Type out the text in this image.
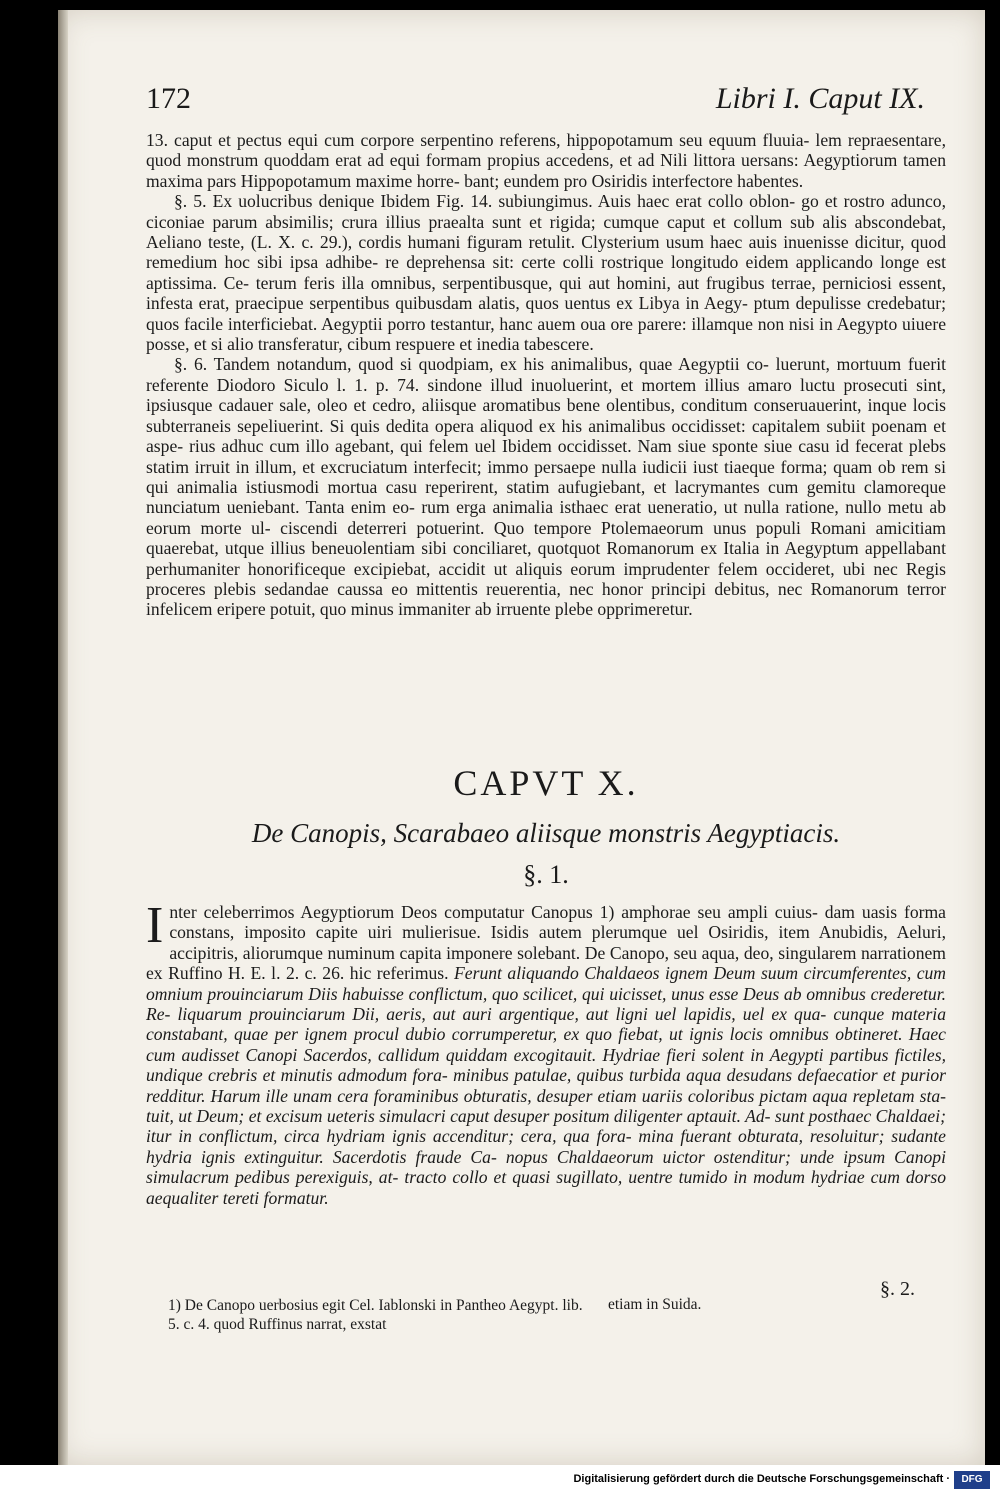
172	Libri I. Caput IX.

13. caput et pectus equi cum corpore serpentino referens, hippopotamum seu equum fluuia- lem repraesentare, quod monstrum quoddam erat ad equi formam propius accedens, et ad Nili littora uersans: Aegyptiorum tamen maxima pars Hippopotamum maxime horre- bant; eundem pro Osiridis interfectore habentes.

§. 5. Ex uolucribus denique Ibidem Fig. 14. subiungimus. Auis haec erat collo oblon- go et rostro adunco, ciconiae parum absimilis; crura illius praealta sunt et rigida; cumque caput et collum sub alis abscondebat, Aeliano teste, (L. X. c. 29.), cordis humani figuram retulit. Clysterium usum haec auis inuenisse dicitur, quod remedium hoc sibi ipsa adhibe- re deprehensa sit: certe colli rostrique longitudo eidem applicando longe est aptissima. Ce- terum feris illa omnibus, serpentibusque, qui aut homini, aut frugibus terrae, perniciosi essent, infesta erat, praecipue serpentibus quibusdam alatis, quos uentus ex Libya in Aegy- ptum depulisse credebatur; quos facile interficiebat. Aegyptii porro testantur, hanc auem oua ore parere: illamque non nisi in Aegypto uiuere posse, et si alio transferatur, cibum respuere et inedia tabescere.

§. 6. Tandem notandum, quod si quodpiam, ex his animalibus, quae Aegyptii co- luerunt, mortuum fuerit referente Diodoro Siculo l. 1. p. 74. sindone illud inuoluerint, et mortem illius amaro luctu prosecuti sint, ipsiusque cadauer sale, oleo et cedro, aliisque aromatibus bene olentibus, conditum conseruauerint, inque locis subterraneis sepeliuerint. Si quis dedita opera aliquod ex his animalibus occidisset: capitalem subiit poenam et aspe- rius adhuc cum illo agebant, qui felem uel Ibidem occidisset. Nam siue sponte siue casu id fecerat plebs statim irruit in illum, et excruciatum interfecit; immo persaepe nulla iudicii iust tiaeque forma; quam ob rem si qui animalia istiusmodi mortua casu reperirent, statim aufugiebant, et lacrymantes cum gemitu clamoreque nunciatum ueniebant. Tanta enim eo- rum erga animalia isthaec erat ueneratio, ut nulla ratione, nullo metu ab eorum morte ul- ciscendi deterreri potuerint. Quo tempore Ptolemaeorum unus populi Romani amicitiam quaerebat, utque illius beneuolentiam sibi conciliaret, quotquot Romanorum ex Italia in Aegyptum appellabant perhumaniter honorificeque excipiebat, accidit ut aliquis eorum imprudenter felem occideret, ubi nec Regis proceres plebis sedandae caussa eo mittentis reuerentia, nec honor principi debitus, nec Romanorum terror infelicem eripere potuit, quo minus immaniter ab irruente plebe opprimeretur.

CAPVT X.
De Canopis, Scarabaeo aliisque monstris Aegyptiacis.
§. 1.

I nter celeberrimos Aegyptiorum Deos computatur Canopus 1) amphorae seu ampli cuius- dam uasis forma constans, imposito capite uiri mulierisue. Isidis autem plerumque uel Osiridis, item Anubidis, Aeluri, accipitris, aliorumque numinum capita imponere solebant. De Canopo, seu aqua, deo, singularem narrationem ex Ruffino H. E. l. 2. c. 26. hic referimus. Ferunt aliquando Chaldaeos ignem Deum suum circumferentes, cum omnium prouinciarum Diis habuisse conflictum, quo scilicet, qui uicisset, unus esse Deus ab omnibus crederetur. Re- liquarum prouinciarum Dii, aeris, aut auri argentique, aut ligni uel lapidis, uel ex qua- cunque materia constabant, quae per ignem procul dubio corrumperetur, ex quo fiebat, ut ignis locis omnibus obtineret. Haec cum audisset Canopi Sacerdos, callidum quiddam excogitauit. Hydriae fieri solent in Aegypti partibus fictiles, undique crebris et minutis admodum fora- minibus patulae, quibus turbida aqua desudans defaecatior et purior redditur. Harum ille unam cera foraminibus obturatis, desuper etiam uariis coloribus pictam aqua repletam sta- tuit, ut Deum; et excisum ueteris simulacri caput desuper positum diligenter aptauit. Ad- sunt posthaec Chaldaei; itur in conflictum, circa hydriam ignis accenditur; cera, qua fora- mina fuerant obturata, resoluitur; sudante hydria ignis extinguitur. Sacerdotis fraude Ca- nopus Chaldaeorum uictor ostenditur; unde ipsum Canopi simulacrum pedibus perexiguis, at- tracto collo et quasi sugillato, uentre tumido in modum hydriae cum dorso aequaliter tereti formatur.

§. 2.
1) De Canopo uerbosius egit Cel. Iablonski in Pantheo Aegypt. lib. 5. c. 4. quod Ruffinus narrat, exstat
etiam in Suida.
Digitalisierung gefördert durch die Deutsche Forschungsgemeinschaft ·	DFG
